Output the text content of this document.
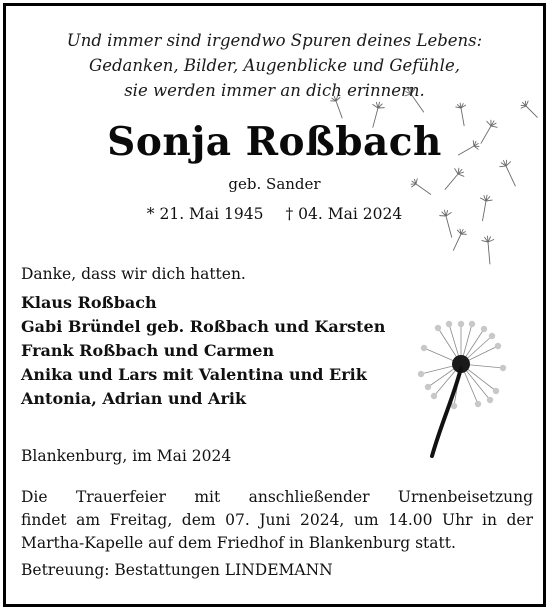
Und immer sind irgendwo Spuren deines Lebens:
Gedanken, Bilder, Augenblicke und Gefühle,
sie werden immer an dich erinnern.
Sonja Roßbach
geb. Sander
* 21. Mai 1945 † 04. Mai 2024
Danke, dass wir dich hatten.
Klaus Roßbach
Gabi Bründel geb. Roßbach und Karsten
Frank Roßbach und Carmen
Anika und Lars mit Valentina und Erik
Antonia, Adrian und Arik
Blankenburg, im Mai 2024
Die Trauerfeier mit anschließender Urnenbeisetzung
findet am Freitag, dem 07. Juni 2024, um 14.00 Uhr in der
Martha-Kapelle auf dem Friedhof in Blankenburg statt.
Betreuung: Bestattungen LINDEMANN
